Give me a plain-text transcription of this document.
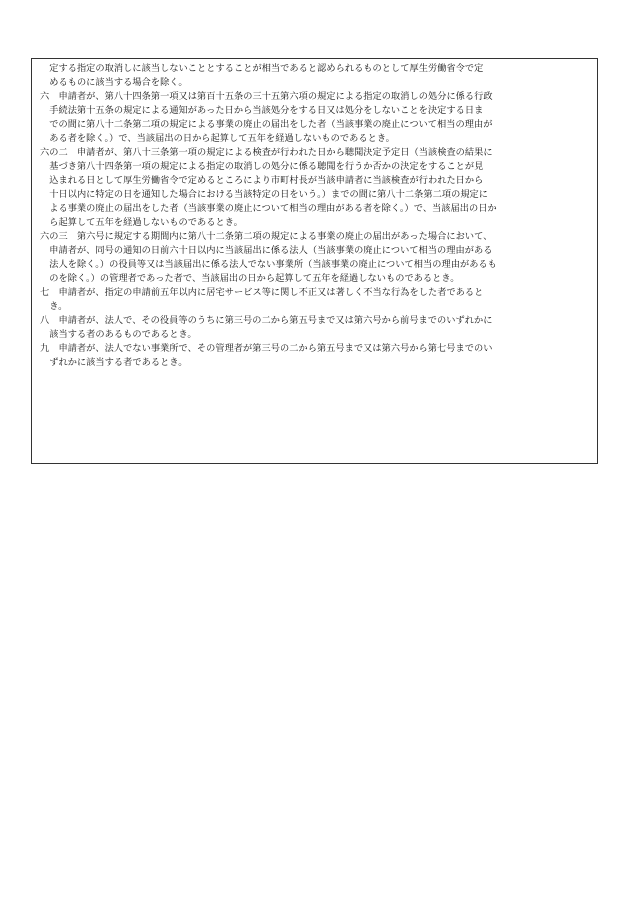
　定する指定の取消しに該当しないこととすることが相当であると認められるものとして厚生労働省令で定
　めるものに該当する場合を除く。
六　申請者が、第八十四条第一項又は第百十五条の三十五第六項の規定による指定の取消しの処分に係る行政
　手続法第十五条の規定による通知があった日から当該処分をする日又は処分をしないことを決定する日ま
　での間に第八十二条第二項の規定による事業の廃止の届出をした者（当該事業の廃止について相当の理由が
　ある者を除く。）で、当該届出の日から起算して五年を経過しないものであるとき。
六の二　申請者が、第八十三条第一項の規定による検査が行われた日から聴聞決定予定日（当該検査の結果に
　基づき第八十四条第一項の規定による指定の取消しの処分に係る聴聞を行うか否かの決定をすることが見
　込まれる日として厚生労働省令で定めるところにより市町村長が当該申請者に当該検査が行われた日から
　十日以内に特定の日を通知した場合における当該特定の日をいう。）までの間に第八十二条第二項の規定に
　よる事業の廃止の届出をした者（当該事業の廃止について相当の理由がある者を除く。）で、当該届出の日か
　ら起算して五年を経過しないものであるとき。
六の三　第六号に規定する期間内に第八十二条第二項の規定による事業の廃止の届出があった場合において、
　申請者が、同号の通知の日前六十日以内に当該届出に係る法人（当該事業の廃止について相当の理由がある
　法人を除く。）の役員等又は当該届出に係る法人でない事業所（当該事業の廃止について相当の理由があるも
　のを除く。）の管理者であった者で、当該届出の日から起算して五年を経過しないものであるとき。
七　申請者が、指定の申請前五年以内に居宅サービス等に関し不正又は著しく不当な行為をした者であると
　き。
八　申請者が、法人で、その役員等のうちに第三号の二から第五号まで又は第六号から前号までのいずれかに
　該当する者のあるものであるとき。
九　申請者が、法人でない事業所で、その管理者が第三号の二から第五号まで又は第六号から第七号までのい
　ずれかに該当する者であるとき。
